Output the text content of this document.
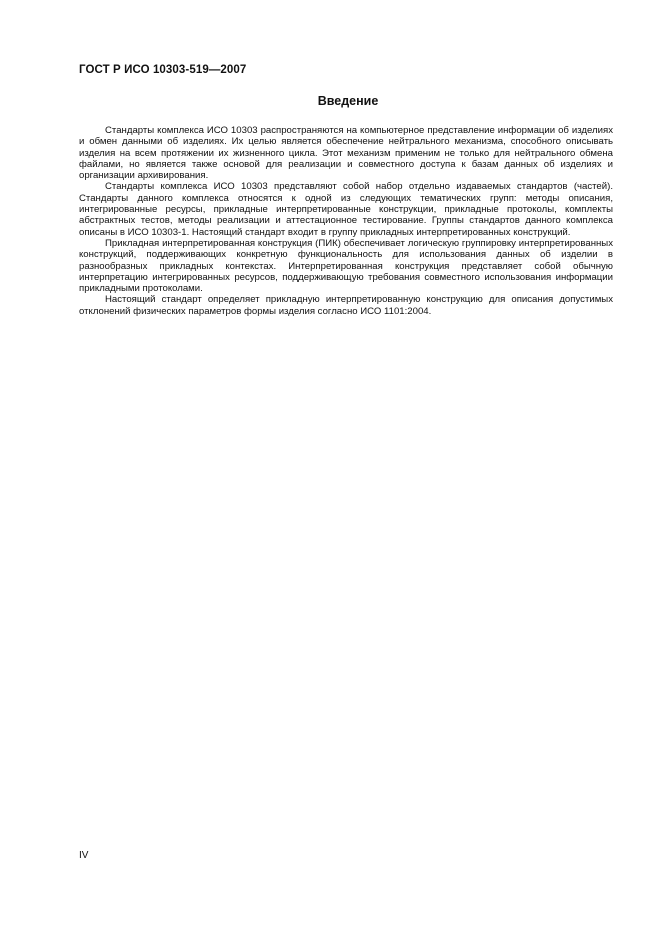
ГОСТ Р ИСО 10303-519—2007
Введение

Стандарты комплекса ИСО 10303 распространяются на компьютерное представление информации об изделиях и обмен данными об изделиях. Их целью является обеспечение нейтрального механизма, способного описывать изделия на всем протяжении их жизненного цикла. Этот механизм применим не только для нейтрального обмена файлами, но является также основой для реализации и совместного доступа к базам данных об изделиях и организации архивирования.

Стандарты комплекса ИСО 10303 представляют собой набор отдельно издаваемых стандартов (частей). Стандарты данного комплекса относятся к одной из следующих тематических групп: методы описания, интегрированные ресурсы, прикладные интерпретированные конструкции, прикладные протоколы, комплекты абстрактных тестов, методы реализации и аттестационное тестирование. Группы стандартов данного комплекса описаны в ИСО 10303-1. Настоящий стандарт входит в группу прикладных интерпретированных конструкций.

Прикладная интерпретированная конструкция (ПИК) обеспечивает логическую группировку интерпретированных конструкций, поддерживающих конкретную функциональность для использования данных об изделии в разнообразных прикладных контекстах. Интерпретированная конструкция представляет собой обычную интерпретацию интегрированных ресурсов, поддерживающую требования совместного использования информации прикладными протоколами.

Настоящий стандарт определяет прикладную интерпретированную конструкцию для описания допустимых отклонений физических параметров формы изделия согласно ИСО 1101:2004.

IV
